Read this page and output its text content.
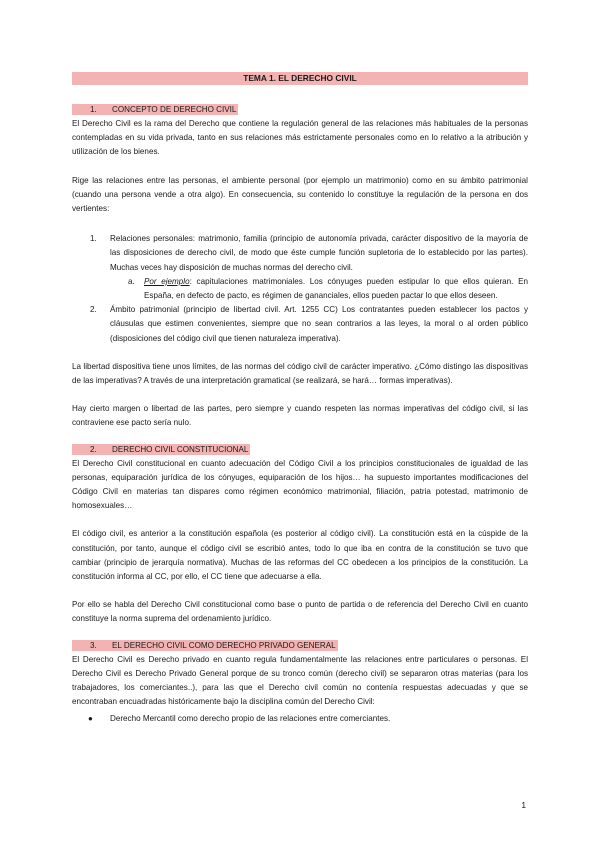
TEMA 1. EL DERECHO CIVIL
1. CONCEPTO DE DERECHO CIVIL

El Derecho Civil es la rama del Derecho que contiene la regulación general de las relaciones más habituales de la personas contempladas en su vida privada, tanto en sus relaciones más estrictamente personales como en lo relativo a la atribución y utilización de los bienes.

Rige las relaciones entre las personas, el ambiente personal (por ejemplo un matrimonio) como en su ámbito patrimonial (cuando una persona vende a otra algo). En consecuencia, su contenido lo constituye la regulación de la persona en dos vertientes:

1. Relaciones personales: matrimonio, familia (principio de autonomía privada, carácter dispositivo de la mayoría de las disposiciones de derecho civil, de modo que éste cumple función supletoria de lo establecido por las partes). Muchas veces hay disposición de muchas normas del derecho civil.
a. Por ejemplo: capitulaciones matrimoniales. Los cónyuges pueden estipular lo que ellos quieran. En España, en defecto de pacto, es régimen de gananciales, ellos pueden pactar lo que ellos deseen.
2. Ámbito patrimonial (principio de libertad civil. Art. 1255 CC) Los contratantes pueden establecer los pactos y cláusulas que estimen convenientes, siempre que no sean contrarios a las leyes, la moral o al orden público (disposiciones del código civil que tienen naturaleza imperativa).

La libertad dispositiva tiene unos límites, de las normas del código civil de carácter imperativo. ¿Cómo distingo las dispositivas de las imperativas? A través de una interpretación gramatical (se realizará, se hará… formas imperativas).

Hay cierto margen o libertad de las partes, pero siempre y cuando respeten las normas imperativas del código civil, si las contraviene ese pacto sería nulo.

2. DERECHO CIVIL CONSTITUCIONAL

El Derecho Civil constitucional en cuanto adecuación del Código Civil a los principios constitucionales de igualdad de las personas, equiparación jurídica de los cónyuges, equiparación de los hijos… ha supuesto importantes modificaciones del Código Civil en materias tan dispares como régimen económico matrimonial, filiación, patria potestad, matrimonio de homosexuales…

El código civil, es anterior a la constitución española (es posterior al código civil). La constitución está en la cúspide de la constitución, por tanto, aunque el código civil se escribió antes, todo lo que iba en contra de la constitución se tuvo que cambiar (principio de jerarquía normativa). Muchas de las reformas del CC obedecen a los principios de la constitución. La constitución informa al CC, por ello, el CC tiene que adecuarse a ella.

Por ello se habla del Derecho Civil constitucional como base o punto de partida o de referencia del Derecho Civil en cuanto constituye la norma suprema del ordenamiento jurídico.

3. EL DERECHO CIVIL COMO DERECHO PRIVADO GENERAL

El Derecho Civil es Derecho privado en cuanto regula fundamentalmente las relaciones entre particulares o personas. El Derecho Civil es Derecho Privado General porque de su tronco común (derecho civil) se separaron otras materias (para los trabajadores, los comerciantes..), para las que el Derecho civil común no contenía respuestas adecuadas y que se encontraban encuadradas históricamente bajo la disciplina común del Derecho Civil:

● Derecho Mercantil como derecho propio de las relaciones entre comerciantes.
1
